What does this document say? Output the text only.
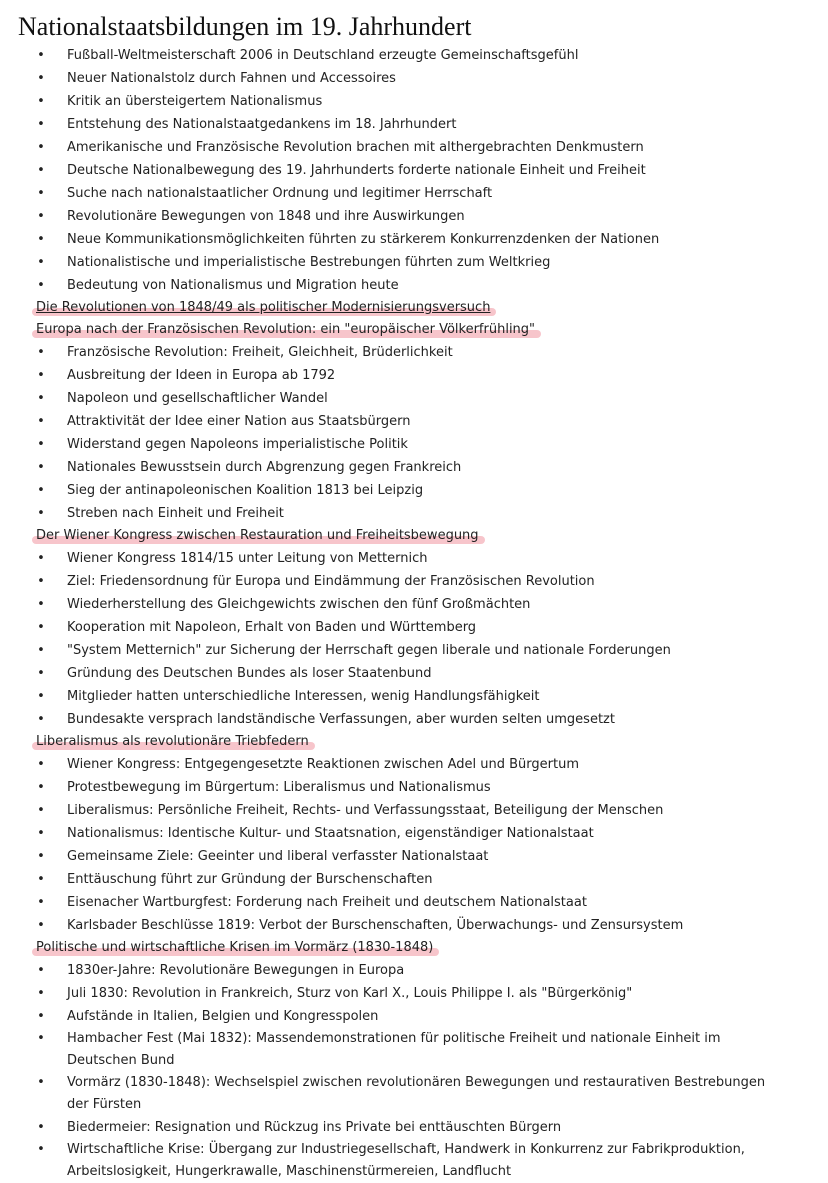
Nationalstaatsbildungen im 19. Jahrhundert
• Fußball-Weltmeisterschaft 2006 in Deutschland erzeugte Gemeinschaftsgefühl
• Neuer Nationalstolz durch Fahnen und Accessoires
• Kritik an übersteigertem Nationalismus
• Entstehung des Nationalstaatgedankens im 18. Jahrhundert
• Amerikanische und Französische Revolution brachen mit althergebrachten Denkmustern
• Deutsche Nationalbewegung des 19. Jahrhunderts forderte nationale Einheit und Freiheit
• Suche nach nationalstaatlicher Ordnung und legitimer Herrschaft
• Revolutionäre Bewegungen von 1848 und ihre Auswirkungen
• Neue Kommunikationsmöglichkeiten führten zu stärkerem Konkurrenzdenken der Nationen
• Nationalistische und imperialistische Bestrebungen führten zum Weltkrieg
• Bedeutung von Nationalismus und Migration heute
Die Revolutionen von 1848/49 als politischer Modernisierungsversuch
Europa nach der Französischen Revolution: ein "europäischer Völkerfrühling"
• Französische Revolution: Freiheit, Gleichheit, Brüderlichkeit
• Ausbreitung der Ideen in Europa ab 1792
• Napoleon und gesellschaftlicher Wandel
• Attraktivität der Idee einer Nation aus Staatsbürgern
• Widerstand gegen Napoleons imperialistische Politik
• Nationales Bewusstsein durch Abgrenzung gegen Frankreich
• Sieg der antinapoleonischen Koalition 1813 bei Leipzig
• Streben nach Einheit und Freiheit
Der Wiener Kongress zwischen Restauration und Freiheitsbewegung
• Wiener Kongress 1814/15 unter Leitung von Metternich
• Ziel: Friedensordnung für Europa und Eindämmung der Französischen Revolution
• Wiederherstellung des Gleichgewichts zwischen den fünf Großmächten
• Kooperation mit Napoleon, Erhalt von Baden und Württemberg
• "System Metternich" zur Sicherung der Herrschaft gegen liberale und nationale Forderungen
• Gründung des Deutschen Bundes als loser Staatenbund
• Mitglieder hatten unterschiedliche Interessen, wenig Handlungsfähigkeit
• Bundesakte versprach landständische Verfassungen, aber wurden selten umgesetzt
Liberalismus als revolutionäre Triebfedern
• Wiener Kongress: Entgegengesetzte Reaktionen zwischen Adel und Bürgertum
• Protestbewegung im Bürgertum: Liberalismus und Nationalismus
• Liberalismus: Persönliche Freiheit, Rechts- und Verfassungsstaat, Beteiligung der Menschen
• Nationalismus: Identische Kultur- und Staatsnation, eigenständiger Nationalstaat
• Gemeinsame Ziele: Geeinter und liberal verfasster Nationalstaat
• Enttäuschung führt zur Gründung der Burschenschaften
• Eisenacher Wartburgfest: Forderung nach Freiheit und deutschem Nationalstaat
• Karlsbader Beschlüsse 1819: Verbot der Burschenschaften, Überwachungs- und Zensursystem
Politische und wirtschaftliche Krisen im Vormärz (1830-1848)
• 1830er-Jahre: Revolutionäre Bewegungen in Europa
• Juli 1830: Revolution in Frankreich, Sturz von Karl X., Louis Philippe I. als "Bürgerkönig"
• Aufstände in Italien, Belgien und Kongresspolen
• Hambacher Fest (Mai 1832): Massendemonstrationen für politische Freiheit und nationale Einheit im Deutschen Bund
• Vormärz (1830-1848): Wechselspiel zwischen revolutionären Bewegungen und restaurativen Bestrebungen der Fürsten
• Biedermeier: Resignation und Rückzug ins Private bei enttäuschten Bürgern
• Wirtschaftliche Krise: Übergang zur Industriegesellschaft, Handwerk in Konkurrenz zur Fabrikproduktion, Arbeitslosigkeit, Hungerkrawalle, Maschinenstürmereien, Landflucht
